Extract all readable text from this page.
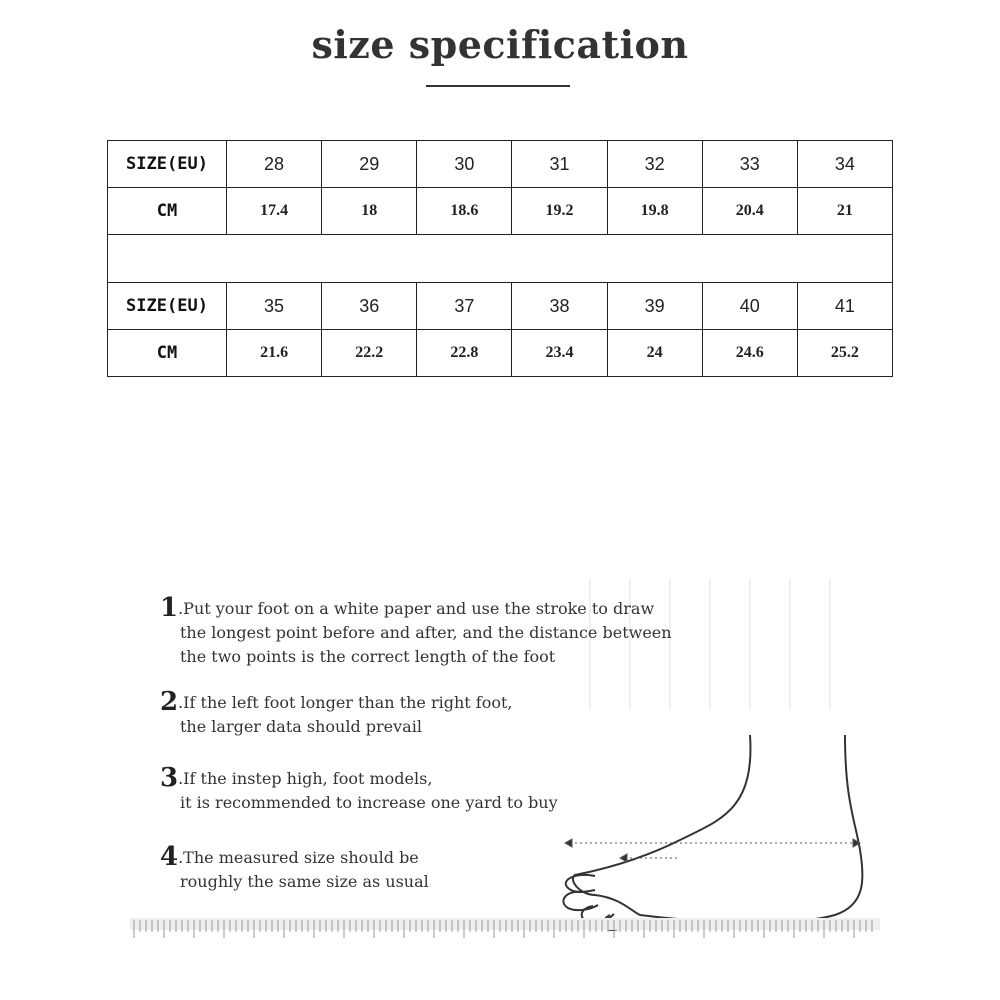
size specification
SIZE(EU)	28	29	30	31	32	33	34
CM	17.4	18	18.6	19.2	19.8	20.4	21

SIZE(EU)	35	36	37	38	39	40	41
CM	21.6	22.2	22.8	23.4	24	24.6	25.2
1.Put your foot on a white paper and use the stroke to draw
the longest point before and after, and the distance between
the two points is the correct length of the foot
2.If the left foot longer than the right foot,
the larger data should prevail
3.If the instep high, foot models,
it is recommended to increase one yard to buy
4.The measured size should be
roughly the same size as usual
